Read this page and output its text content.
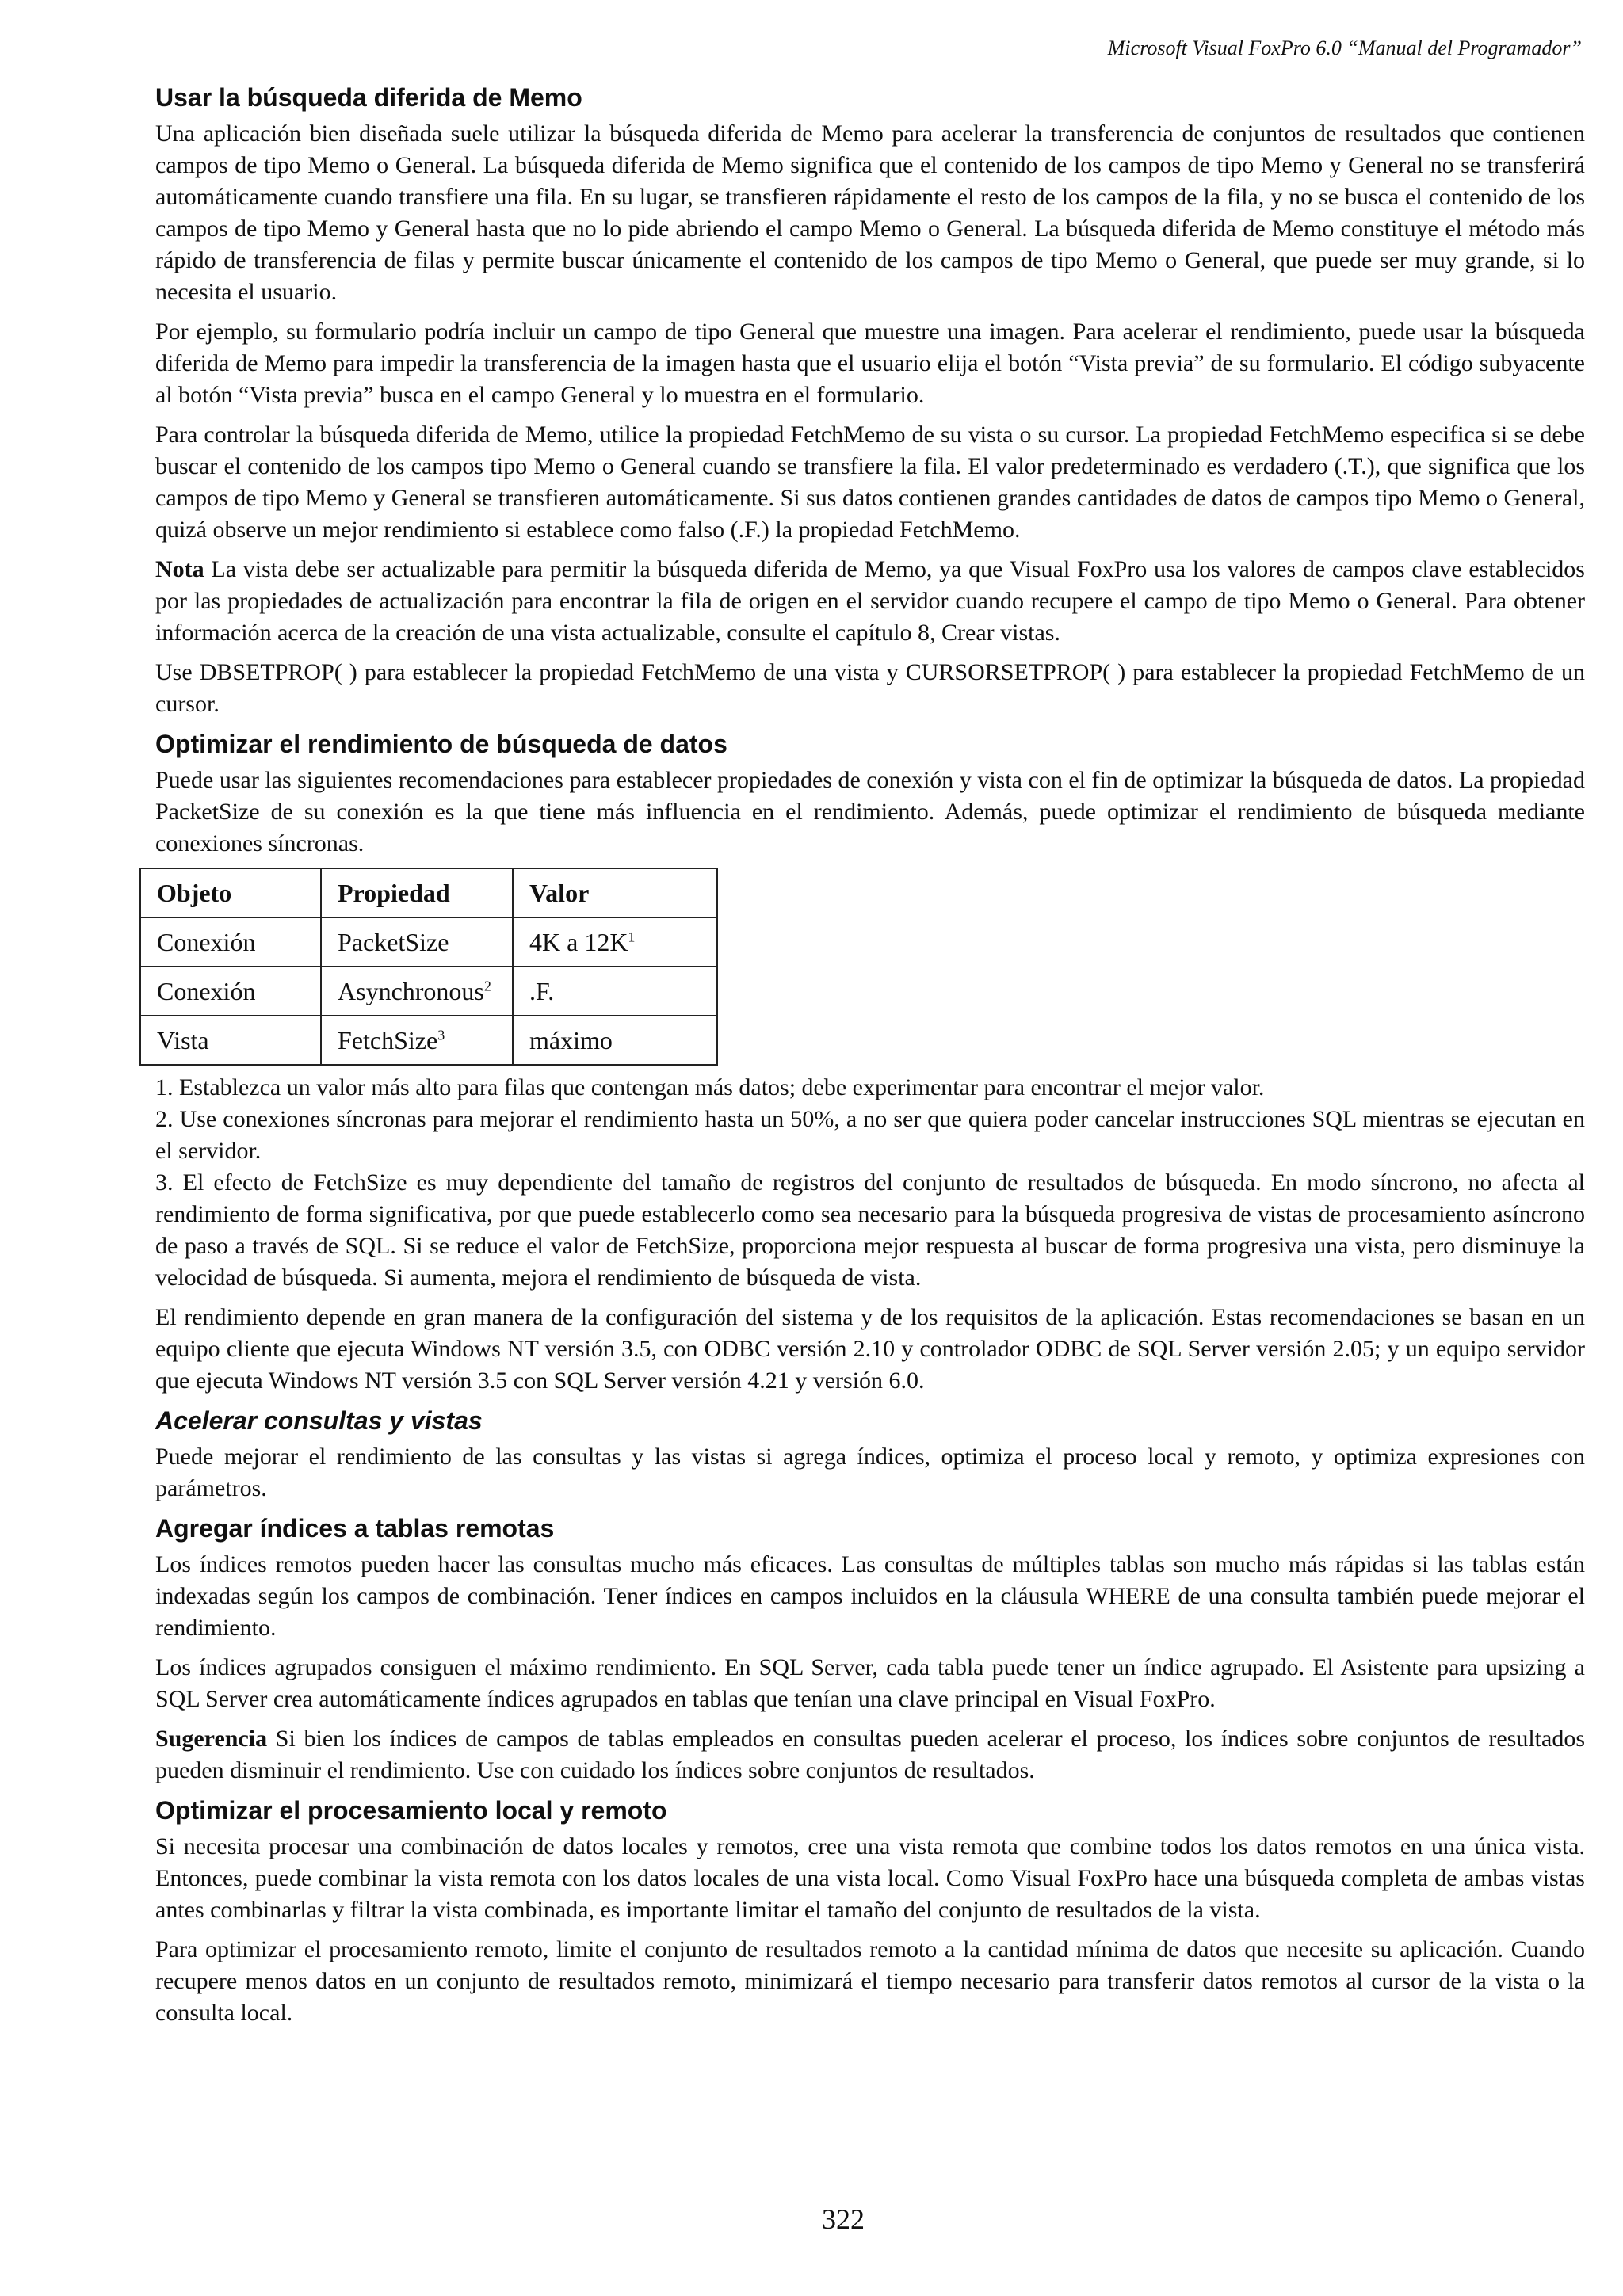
Microsoft Visual FoxPro 6.0 “Manual del Programador”
Usar la búsqueda diferida de Memo

Una aplicación bien diseñada suele utilizar la búsqueda diferida de Memo para acelerar la transferencia de conjuntos de resultados que contienen campos de tipo Memo o General. La búsqueda diferida de Memo significa que el contenido de los campos de tipo Memo y General no se transferirá automáticamente cuando transfiere una fila. En su lugar, se transfieren rápidamente el resto de los campos de la fila, y no se busca el contenido de los campos de tipo Memo y General hasta que no lo pide abriendo el campo Memo o General. La búsqueda diferida de Memo constituye el método más rápido de transferencia de filas y permite buscar únicamente el contenido de los campos de tipo Memo o General, que puede ser muy grande, si lo necesita el usuario.

Por ejemplo, su formulario podría incluir un campo de tipo General que muestre una imagen. Para acelerar el rendimiento, puede usar la búsqueda diferida de Memo para impedir la transferencia de la imagen hasta que el usuario elija el botón “Vista previa” de su formulario. El código subyacente al botón “Vista previa” busca en el campo General y lo muestra en el formulario.

Para controlar la búsqueda diferida de Memo, utilice la propiedad FetchMemo de su vista o su cursor. La propiedad FetchMemo especifica si se debe buscar el contenido de los campos tipo Memo o General cuando se transfiere la fila. El valor predeterminado es verdadero (.T.), que significa que los campos de tipo Memo y General se transfieren automáticamente. Si sus datos contienen grandes cantidades de datos de campos tipo Memo o General, quizá observe un mejor rendimiento si establece como falso (.F.) la propiedad FetchMemo.

Nota La vista debe ser actualizable para permitir la búsqueda diferida de Memo, ya que Visual FoxPro usa los valores de campos clave establecidos por las propiedades de actualización para encontrar la fila de origen en el servidor cuando recupere el campo de tipo Memo o General. Para obtener información acerca de la creación de una vista actualizable, consulte el capítulo 8, Crear vistas.

Use DBSETPROP( ) para establecer la propiedad FetchMemo de una vista y CURSORSETPROP( ) para establecer la propiedad FetchMemo de un cursor.

Optimizar el rendimiento de búsqueda de datos

Puede usar las siguientes recomendaciones para establecer propiedades de conexión y vista con el fin de optimizar la búsqueda de datos. La propiedad PacketSize de su conexión es la que tiene más influencia en el rendimiento. Además, puede optimizar el rendimiento de búsqueda mediante conexiones síncronas.

Objeto	Propiedad	Valor
Conexión	PacketSize	4K a $12K^1$
Conexión	Asynchronous$^2$	.F.
Vista	FetchSize$^3$	máximo

1. Establezca un valor más alto para filas que contengan más datos; debe experimentar para encontrar el mejor valor.

2. Use conexiones síncronas para mejorar el rendimiento hasta un 50%, a no ser que quiera poder cancelar instrucciones SQL mientras se ejecutan en el servidor.

3. El efecto de FetchSize es muy dependiente del tamaño de registros del conjunto de resultados de búsqueda. En modo síncrono, no afecta al rendimiento de forma significativa, por que puede establecerlo como sea necesario para la búsqueda progresiva de vistas de procesamiento asíncrono de paso a través de SQL. Si se reduce el valor de FetchSize, proporciona mejor respuesta al buscar de forma progresiva una vista, pero disminuye la velocidad de búsqueda. Si aumenta, mejora el rendimiento de búsqueda de vista.

El rendimiento depende en gran manera de la configuración del sistema y de los requisitos de la aplicación. Estas recomendaciones se basan en un equipo cliente que ejecuta Windows NT versión 3.5, con ODBC versión 2.10 y controlador ODBC de SQL Server versión 2.05; y un equipo servidor que ejecuta Windows NT versión 3.5 con SQL Server versión 4.21 y versión 6.0.

Acelerar consultas y vistas

Puede mejorar el rendimiento de las consultas y las vistas si agrega índices, optimiza el proceso local y remoto, y optimiza expresiones con parámetros.

Agregar índices a tablas remotas

Los índices remotos pueden hacer las consultas mucho más eficaces. Las consultas de múltiples tablas son mucho más rápidas si las tablas están indexadas según los campos de combinación. Tener índices en campos incluidos en la cláusula WHERE de una consulta también puede mejorar el rendimiento.

Los índices agrupados consiguen el máximo rendimiento. En SQL Server, cada tabla puede tener un índice agrupado. El Asistente para upsizing a SQL Server crea automáticamente índices agrupados en tablas que tenían una clave principal en Visual FoxPro.

Sugerencia Si bien los índices de campos de tablas empleados en consultas pueden acelerar el proceso, los índices sobre conjuntos de resultados pueden disminuir el rendimiento. Use con cuidado los índices sobre conjuntos de resultados.

Optimizar el procesamiento local y remoto

Si necesita procesar una combinación de datos locales y remotos, cree una vista remota que combine todos los datos remotos en una única vista. Entonces, puede combinar la vista remota con los datos locales de una vista local. Como Visual FoxPro hace una búsqueda completa de ambas vistas antes combinarlas y filtrar la vista combinada, es importante limitar el tamaño del conjunto de resultados de la vista.

Para optimizar el procesamiento remoto, limite el conjunto de resultados remoto a la cantidad mínima de datos que necesite su aplicación. Cuando recupere menos datos en un conjunto de resultados remoto, minimizará el tiempo necesario para transferir datos remotos al cursor de la vista o la consulta local.

322
